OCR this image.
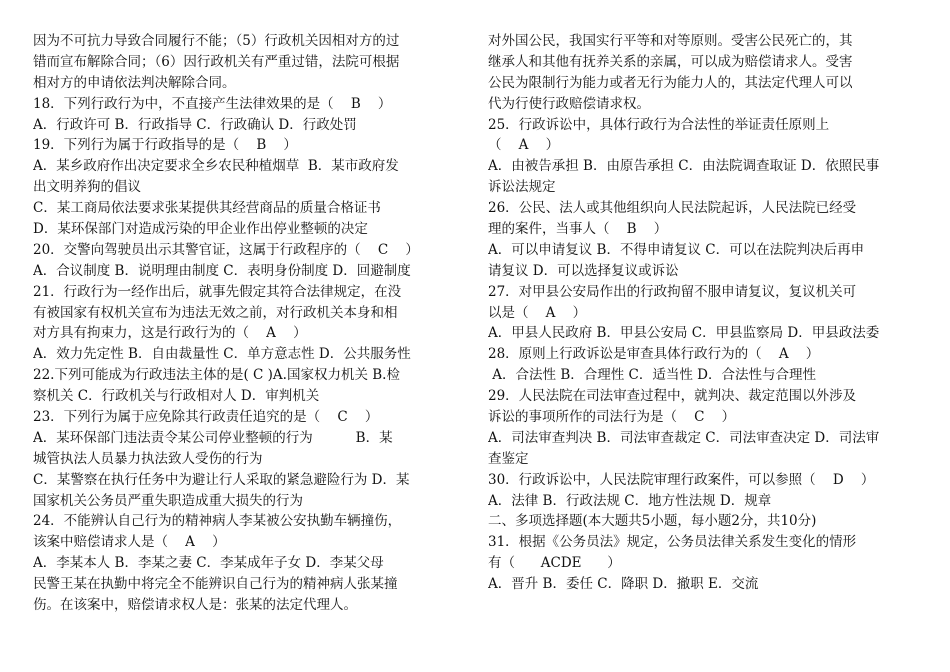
因为不可抗力导致合同履行不能；（5）行政机关因相对方的过
错而宣布解除合同；（6）因行政机关有严重过错，法院可根据
相对方的申请依法判决解除合同。
18．下列行政行为中，不直接产生法律效果的是（    B    ）
A．行政许可 B．行政指导 C．行政确认 D．行政处罚
19．下列行为属于行政指导的是（    B    ）
A．某乡政府作出决定要求全乡农民种植烟草  B．某市政府发
出文明养狗的倡议
C．某工商局依法要求张某提供其经营商品的质量合格证书
D．某环保部门对造成污染的甲企业作出停业整顿的决定
20．交警向驾驶员出示其警官证，这属于行政程序的（    C    ）
A．合议制度 B．说明理由制度 C．表明身份制度 D．回避制度
21．行政行为一经作出后，就事先假定其符合法律规定，在没
有被国家有权机关宣布为违法无效之前，对行政机关本身和相
对方具有拘束力，这是行政行为的（    A    ）
A．效力先定性 B．自由裁量性 C．单方意志性 D．公共服务性
22.下列可能成为行政违法主体的是( C )A.国家权力机关 B.检
察机关 C．行政机关与行政相对人 D．审判机关
23．下列行为属于应免除其行政责任追究的是（    C    ）
A．某环保部门违法责令某公司停业整顿的行为          B．某
城管执法人员暴力执法致人受伤的行为
C．某警察在执行任务中为避让行人采取的紧急避险行为 D．某
国家机关公务员严重失职造成重大损失的行为
24．不能辨认自己行为的精神病人李某被公安执勤车辆撞伤，
该案中赔偿请求人是（    A    ）
A．李某本人 B．李某之妻 C．李某成年子女 D．李某父母
民警王某在执勤中将完全不能辨识自己行为的精神病人张某撞
伤。在该案中，赔偿请求权人是：张某的法定代理人。
对外国公民，我国实行平等和对等原则。受害公民死亡的，其
继承人和其他有抚养关系的亲属，可以成为赔偿请求人。受害
公民为限制行为能力或者无行为能力人的，其法定代理人可以
代为行使行政赔偿请求权。
25．行政诉讼中，具体行政行为合法性的举证责任原则上
（    A    ）
A．由被告承担 B．由原告承担 C．由法院调查取证 D．依照民事
诉讼法规定
26．公民、法人或其他组织向人民法院起诉，人民法院已经受
理的案件，当事人（    B    ）
A．可以申请复议 B．不得申请复议 C．可以在法院判决后再申
请复议 D．可以选择复议或诉讼
27．对甲县公安局作出的行政拘留不服申请复议，复议机关可
以是（    A    ）
A．甲县人民政府 B．甲县公安局 C．甲县监察局 D．甲县政法委
28．原则上行政诉讼是审查具体行政行为的（    A    ）
A．合法性 B．合理性 C．适当性 D．合法性与合理性
29．人民法院在司法审查过程中，就判决、裁定范围以外涉及
诉讼的事项所作的司法行为是（    C    ）
A．司法审查判决 B．司法审查裁定 C．司法审查决定 D．司法审
查鉴定
30．行政诉讼中，人民法院审理行政案件，可以参照（    D    ）
A．法律 B．行政法规 C．地方性法规 D．规章
二、多项选择题(本大题共5小题，每小题2分，共10分)
31．根据《公务员法》规定，公务员法律关系发生变化的情形
有（      ACDE      ）
A．晋升 B．委任 C．降职 D．撤职 E．交流
